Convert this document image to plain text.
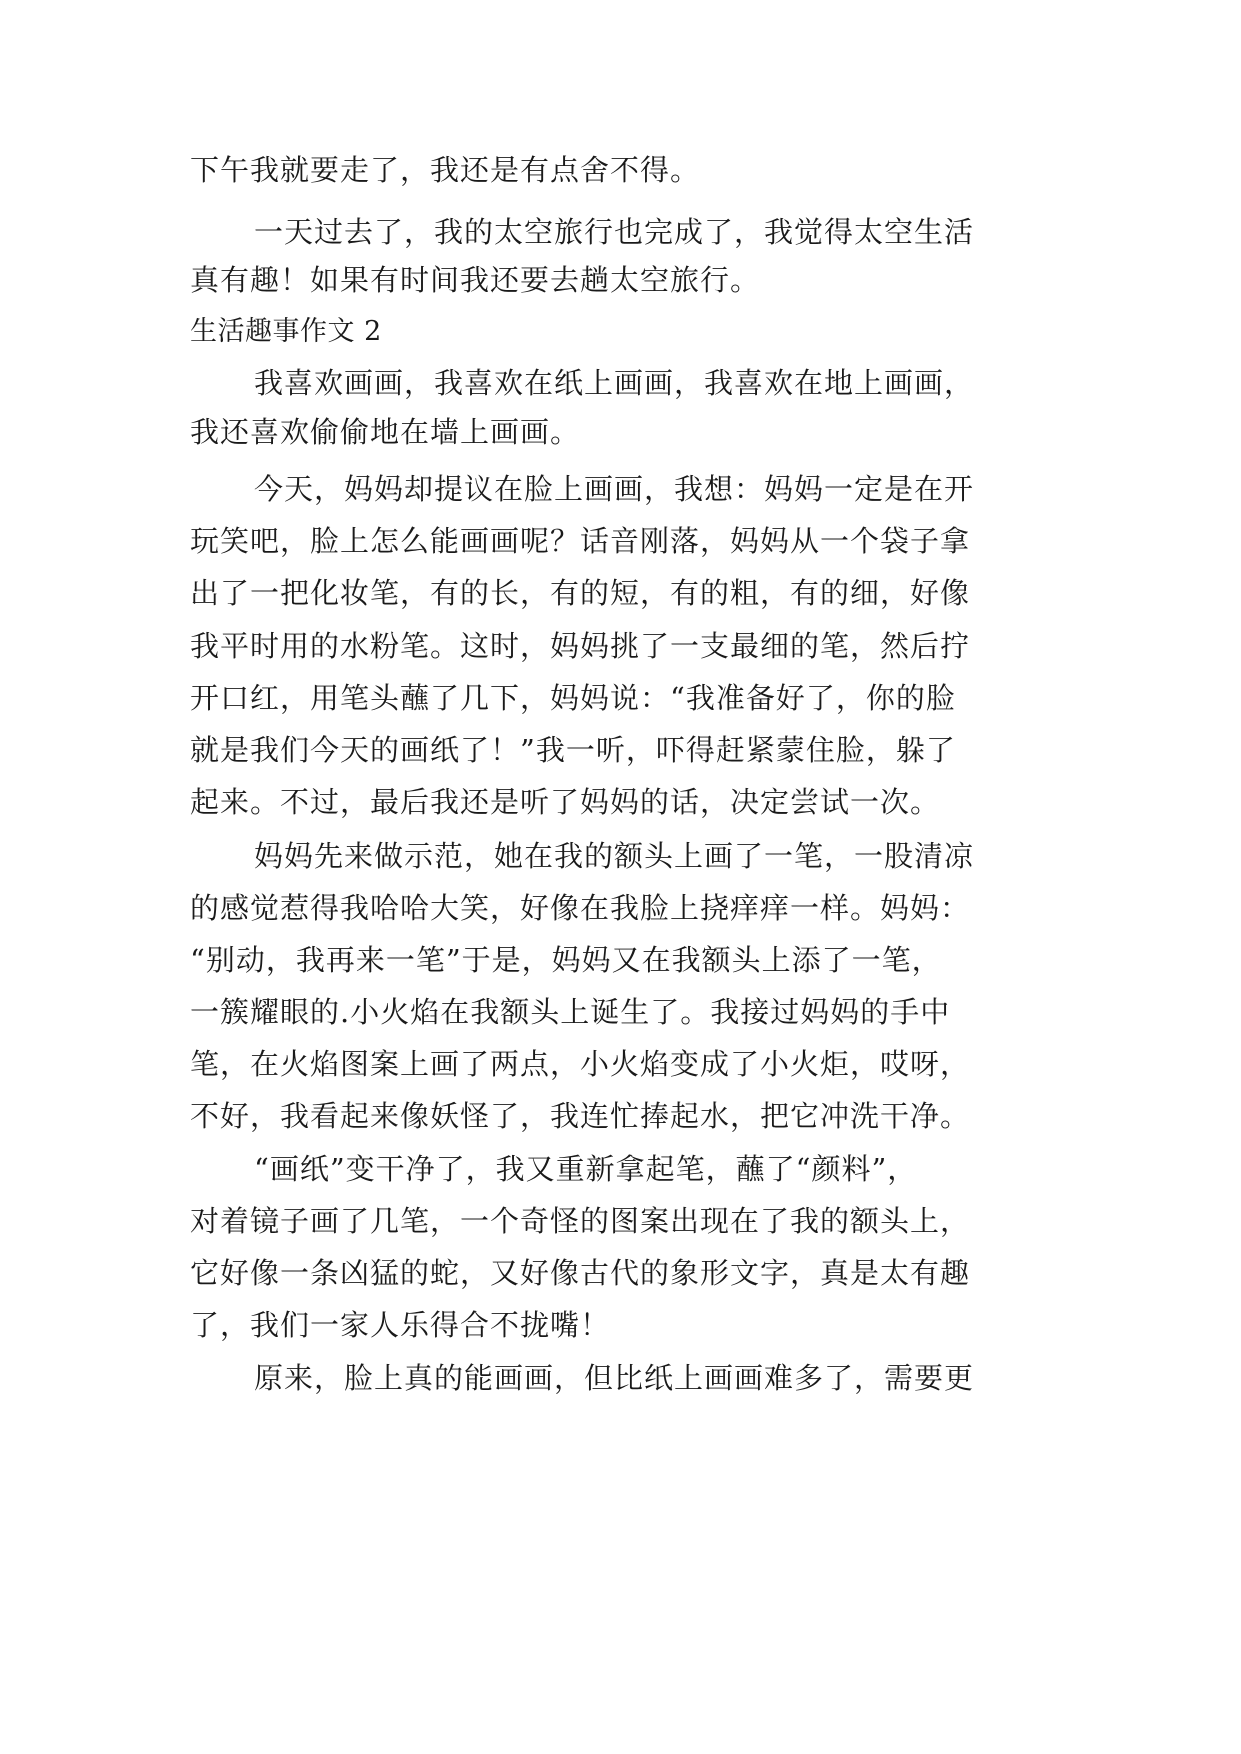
下午我就要走了，我还是有点舍不得。
一天过去了，我的太空旅行也完成了，我觉得太空生活
真有趣！如果有时间我还要去趟太空旅行。
生活趣事作文 2
我喜欢画画，我喜欢在纸上画画，我喜欢在地上画画，
我还喜欢偷偷地在墙上画画。
今天，妈妈却提议在脸上画画，我想：妈妈一定是在开
玩笑吧，脸上怎么能画画呢？话音刚落，妈妈从一个袋子拿
出了一把化妆笔，有的长，有的短，有的粗，有的细，好像
我平时用的水粉笔。这时，妈妈挑了一支最细的笔，然后拧
开口红，用笔头蘸了几下，妈妈说：“我准备好了，你的脸
就是我们今天的画纸了！”我一听，吓得赶紧蒙住脸，躲了
起来。不过，最后我还是听了妈妈的话，决定尝试一次。
妈妈先来做示范，她在我的额头上画了一笔，一股清凉
的感觉惹得我哈哈大笑，好像在我脸上挠痒痒一样。妈妈：
“别动，我再来一笔”于是，妈妈又在我额头上添了一笔，
一簇耀眼的.小火焰在我额头上诞生了。我接过妈妈的手中
笔，在火焰图案上画了两点，小火焰变成了小火炬，哎呀，
不好，我看起来像妖怪了，我连忙捧起水，把它冲洗干净。
“画纸”变干净了，我又重新拿起笔，蘸了“颜料”，
对着镜子画了几笔，一个奇怪的图案出现在了我的额头上，
它好像一条凶猛的蛇，又好像古代的象形文字，真是太有趣
了，我们一家人乐得合不拢嘴！
原来，脸上真的能画画，但比纸上画画难多了，需要更
